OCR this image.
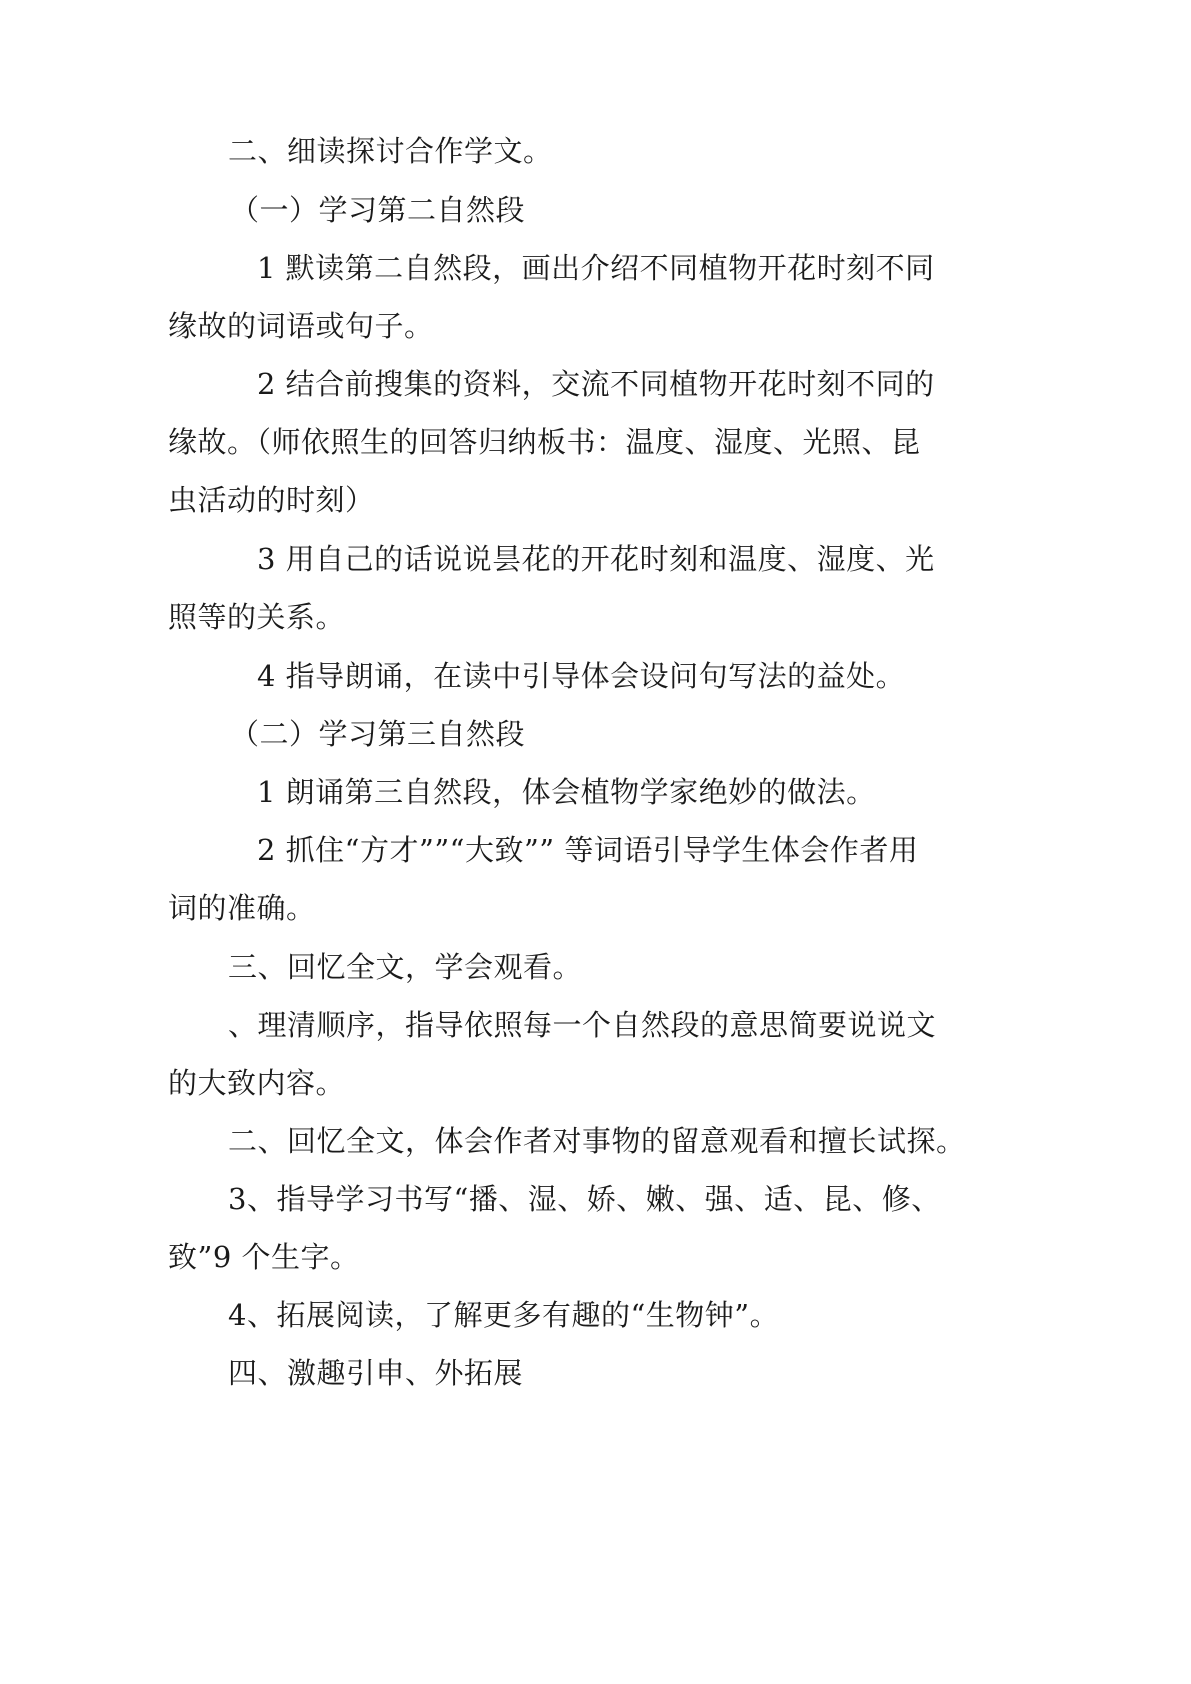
二、细读探讨合作学文。
（一）学习第二自然段
1 默读第二自然段，画出介绍不同植物开花时刻不同
缘故的词语或句子。
2 结合前搜集的资料，交流不同植物开花时刻不同的
缘故。（师依照生的回答归纳板书：温度、湿度、光照、昆
虫活动的时刻）
3 用自己的话说说昙花的开花时刻和温度、湿度、光
照等的关系。
4 指导朗诵，在读中引导体会设问句写法的益处。
（二）学习第三自然段
1 朗诵第三自然段，体会植物学家绝妙的做法。
2 抓住“方才””“大致”” 等词语引导学生体会作者用
词的准确。
三、回忆全文，学会观看。
、理清顺序，指导依照每一个自然段的意思简要说说文
的大致内容。
二、回忆全文，体会作者对事物的留意观看和擅长试探。
3、指导学习书写“播、湿、娇、嫩、强、适、昆、修、
致”9 个生字。
4、拓展阅读，了解更多有趣的“生物钟”。
四、激趣引申、外拓展
